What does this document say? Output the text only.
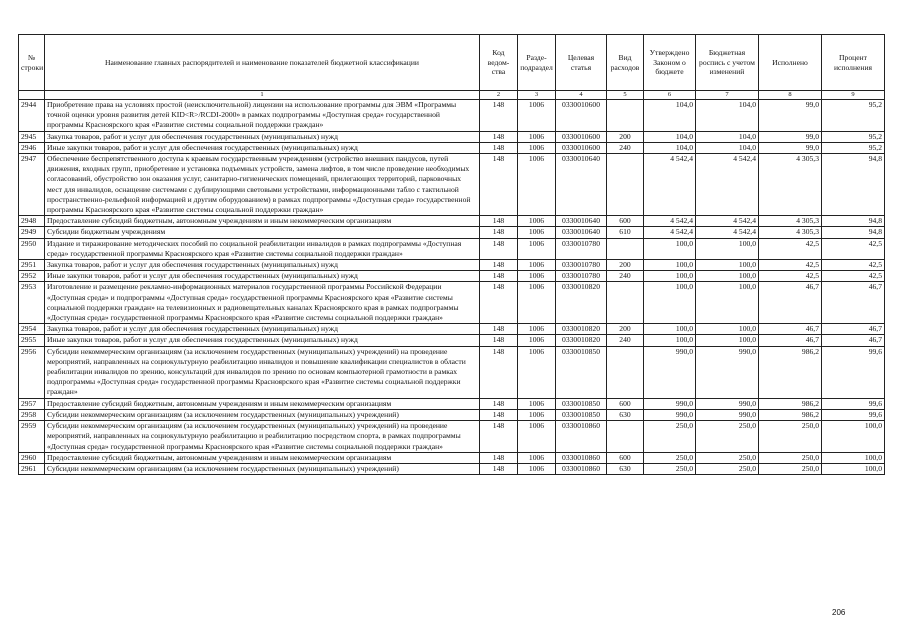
№ строки	Наименование главных распорядителей и наименование показателей бюджетной классификации	Код ведом-ства	Разде-подраздел	Целевая статья	Вид расходов	Утверждено Законом о бюджете	Бюджетная роспись с учетом изменений	Исполнено	Процент исполнения
	1	2	3	4	5	6	7	8	9
2944	Приобретение права на условиях простой (неисключительной) лицензии на использование программы для ЭВМ «Программы точной оценки уровня развития детей KID<R>/RCDI-2000» в рамках подпрограммы «Доступная среда» государственной программы Красноярского края «Развитие системы социальной поддержки граждан»	148	1006	0330010600		104,0	104,0	99,0	95,2
2945	Закупка товаров, работ и услуг для обеспечения государственных (муниципальных) нужд	148	1006	0330010600	200	104,0	104,0	99,0	95,2
2946	Иные закупки товаров, работ и услуг для обеспечения государственных (муниципальных) нужд	148	1006	0330010600	240	104,0	104,0	99,0	95,2
2947	Обеспечение беспрепятственного доступа к краевым государственным учреждениям (устройство внешних пандусов, путей движения, входных групп, приобретение и установка подъемных устройств, замена лифтов, в том числе проведение необходимых согласований, обустройство зон оказания услуг, санитарно-гигиенических помещений, прилегающих территорий, парковочных мест для инвалидов, оснащение системами с дублирующими световыми устройствами, информационными табло с тактильной пространственно-рельефной информацией и другим оборудованием) в рамках подпрограммы «Доступная среда» государственной программы Красноярского края «Развитие системы социальной поддержки граждан»	148	1006	0330010640		4 542,4	4 542,4	4 305,3	94,8
2948	Предоставление субсидий бюджетным, автономным учреждениям и иным некоммерческим организациям	148	1006	0330010640	600	4 542,4	4 542,4	4 305,3	94,8
2949	Субсидии бюджетным учреждениям	148	1006	0330010640	610	4 542,4	4 542,4	4 305,3	94,8
2950	Издание и тиражирование методических пособий по социальной реабилитации инвалидов в рамках подпрограммы «Доступная среда» государственной программы Красноярского края «Развитие системы социальной поддержки граждан»	148	1006	0330010780		100,0	100,0	42,5	42,5
2951	Закупка товаров, работ и услуг для обеспечения государственных (муниципальных) нужд	148	1006	0330010780	200	100,0	100,0	42,5	42,5
2952	Иные закупки товаров, работ и услуг для обеспечения государственных (муниципальных) нужд	148	1006	0330010780	240	100,0	100,0	42,5	42,5
2953	Изготовление и размещение рекламно-информационных материалов государственной программы Российской Федерации «Доступная среда» и подпрограммы «Доступная среда» государственной программы Красноярского края «Развитие системы социальной поддержки граждан» на телевизионных и радиовещательных каналах Красноярского края в рамках подпрограммы «Доступная среда» государственной программы Красноярского края «Развитие системы социальной поддержки граждан»	148	1006	0330010820		100,0	100,0	46,7	46,7
2954	Закупка товаров, работ и услуг для обеспечения государственных (муниципальных) нужд	148	1006	0330010820	200	100,0	100,0	46,7	46,7
2955	Иные закупки товаров, работ и услуг для обеспечения государственных (муниципальных) нужд	148	1006	0330010820	240	100,0	100,0	46,7	46,7
2956	Субсидии некоммерческим организациям (за исключением государственных (муниципальных) учреждений) на проведение мероприятий, направленных на социокультурную реабилитацию инвалидов и повышение квалификации специалистов в области реабилитации инвалидов по зрению, консультаций для инвалидов по зрению по основам компьютерной грамотности в рамках подпрограммы «Доступная среда» государственной программы Красноярского края «Развитие системы социальной поддержки граждан»	148	1006	0330010850		990,0	990,0	986,2	99,6
2957	Предоставление субсидий бюджетным, автономным учреждениям и иным некоммерческим организациям	148	1006	0330010850	600	990,0	990,0	986,2	99,6
2958	Субсидии некоммерческим организациям (за исключением государственных (муниципальных) учреждений)	148	1006	0330010850	630	990,0	990,0	986,2	99,6
2959	Субсидии некоммерческим организациям (за исключением государственных (муниципальных) учреждений) на проведение мероприятий, направленных на социокультурную реабилитацию и реабилитацию посредством спорта, в рамках подпрограммы «Доступная среда» государственной программы Красноярского края «Развитие системы социальной поддержки граждан»	148	1006	0330010860		250,0	250,0	250,0	100,0
2960	Предоставление субсидий бюджетным, автономным учреждениям и иным некоммерческим организациям	148	1006	0330010860	600	250,0	250,0	250,0	100,0
2961	Субсидии некоммерческим организациям (за исключением государственных (муниципальных) учреждений)	148	1006	0330010860	630	250,0	250,0	250,0	100,0
206
